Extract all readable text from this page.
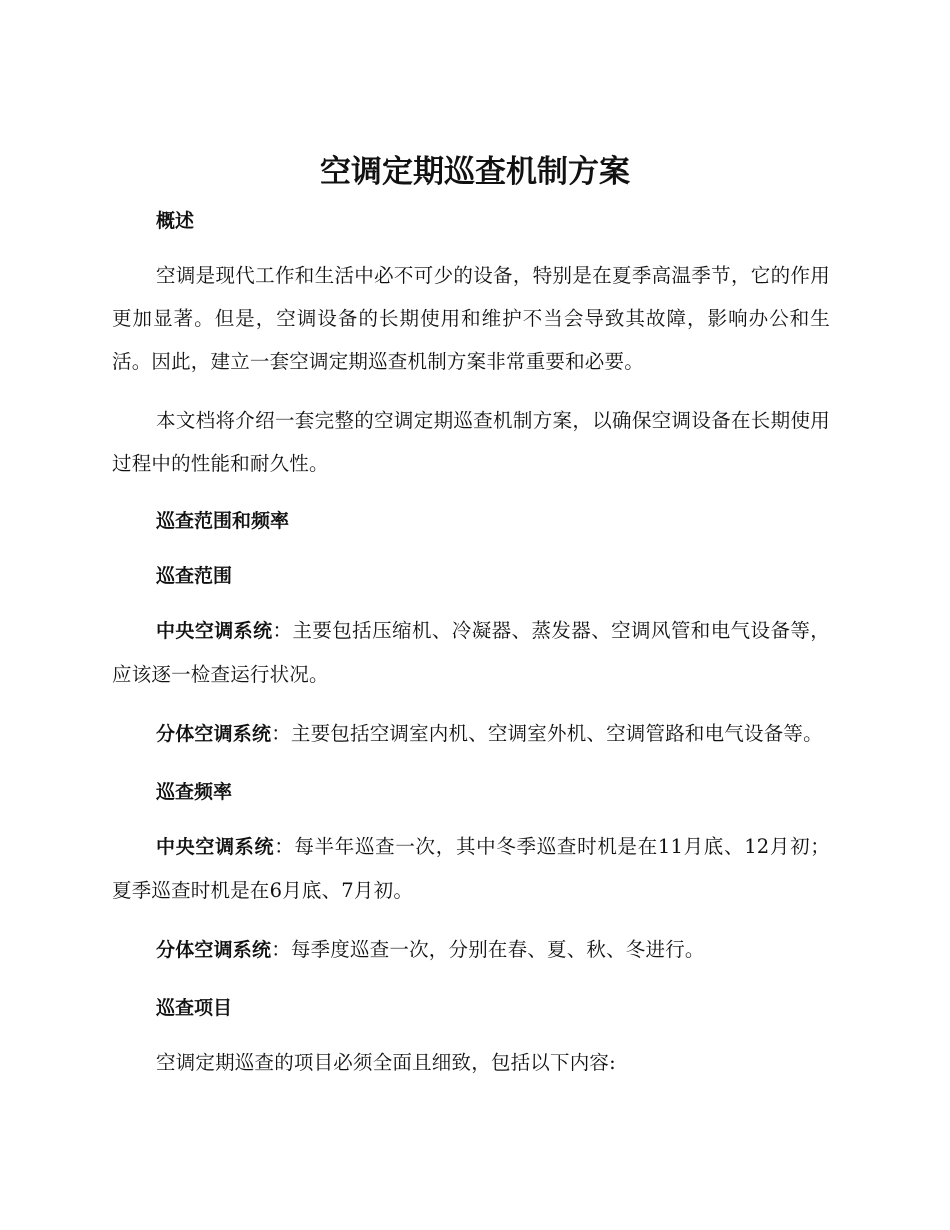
空调定期巡查机制方案
概述

空调是现代工作和生活中必不可少的设备，特别是在夏季高温季节，它的作用更加显著。但是，空调设备的长期使用和维护不当会导致其故障，影响办公和生活。因此，建立一套空调定期巡查机制方案非常重要和必要。

本文档将介绍一套完整的空调定期巡查机制方案，以确保空调设备在长期使用过程中的性能和耐久性。

巡查范围和频率
巡查范围

中央空调系统：主要包括压缩机、冷凝器、蒸发器、空调风管和电气设备等，应该逐一检查运行状况。

分体空调系统：主要包括空调室内机、空调室外机、空调管路和电气设备等。

巡查频率

中央空调系统：每半年巡查一次，其中冬季巡查时机是在11月底、12月初；夏季巡查时机是在6月底、7月初。

分体空调系统：每季度巡查一次，分别在春、夏、秋、冬进行。

巡查项目

空调定期巡查的项目必须全面且细致，包括以下内容:
